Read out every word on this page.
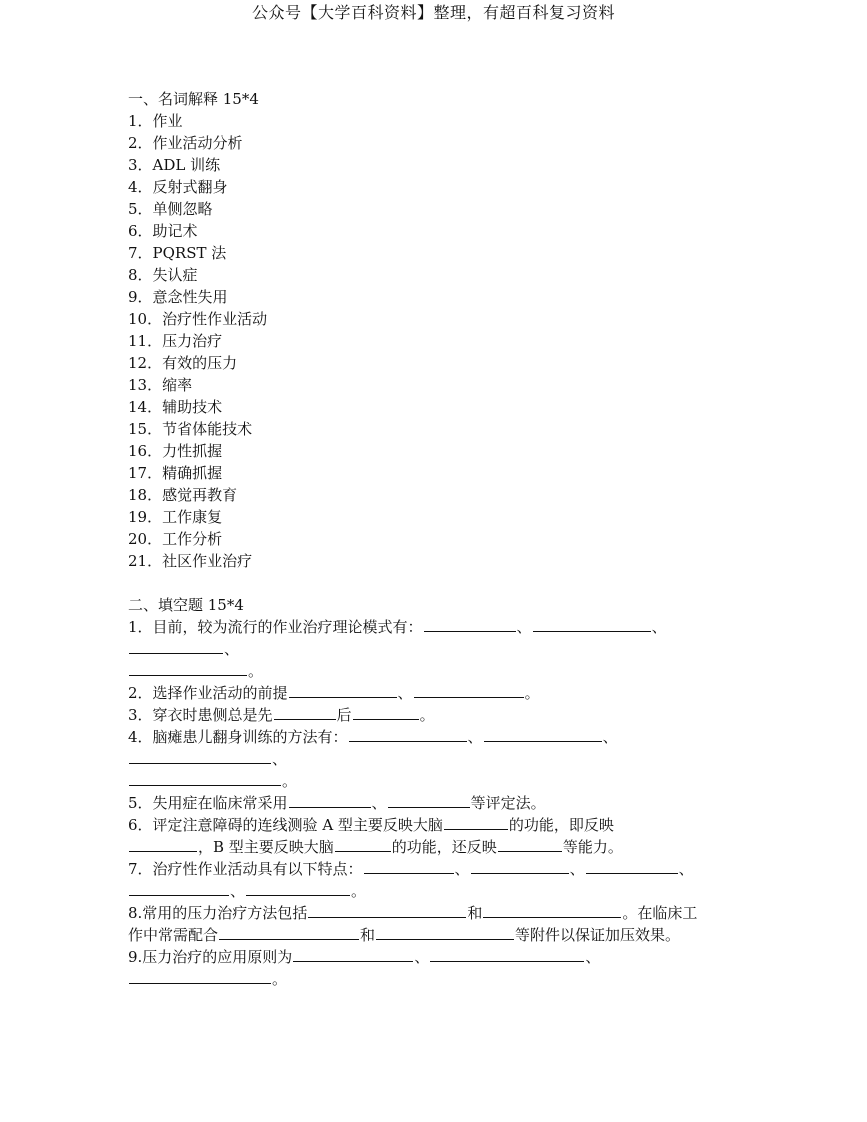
公众号【大学百科资料】整理，有超百科复习资料
一、名词解释 15*4
1．作业
2．作业活动分析
3．ADL 训练
4．反射式翻身
5．单侧忽略
6．助记术
7．PQRST 法
8．失认症
9．意念性失用
10．治疗性作业活动
11．压力治疗
12．有效的压力
13．缩率
14．辅助技术
15．节省体能技术
16．力性抓握
17．精确抓握
18．感觉再教育
19．工作康复
20．工作分析
21．社区作业治疗
二、填空题 15*4
1．目前，较为流行的作业治疗理论模式有：	、	、
、
。
2．选择作业活动的前提	、	。
3．穿衣时患侧总是先	后	。
4．脑瘫患儿翻身训练的方法有：	、	、
、
。
5．失用症在临床常采用	、	等评定法。
6．评定注意障碍的连线测验 A 型主要反映大脑	的功能，即反映
，B 型主要反映大脑	的功能，还反映	等能力。
7．治疗性作业活动具有以下特点：	、	、	、
、	。
8.常用的压力治疗方法包括	和	。在临床工
作中常需配合	和	等附件以保证加压效果。
9.压力治疗的应用原则为	、	、
。
